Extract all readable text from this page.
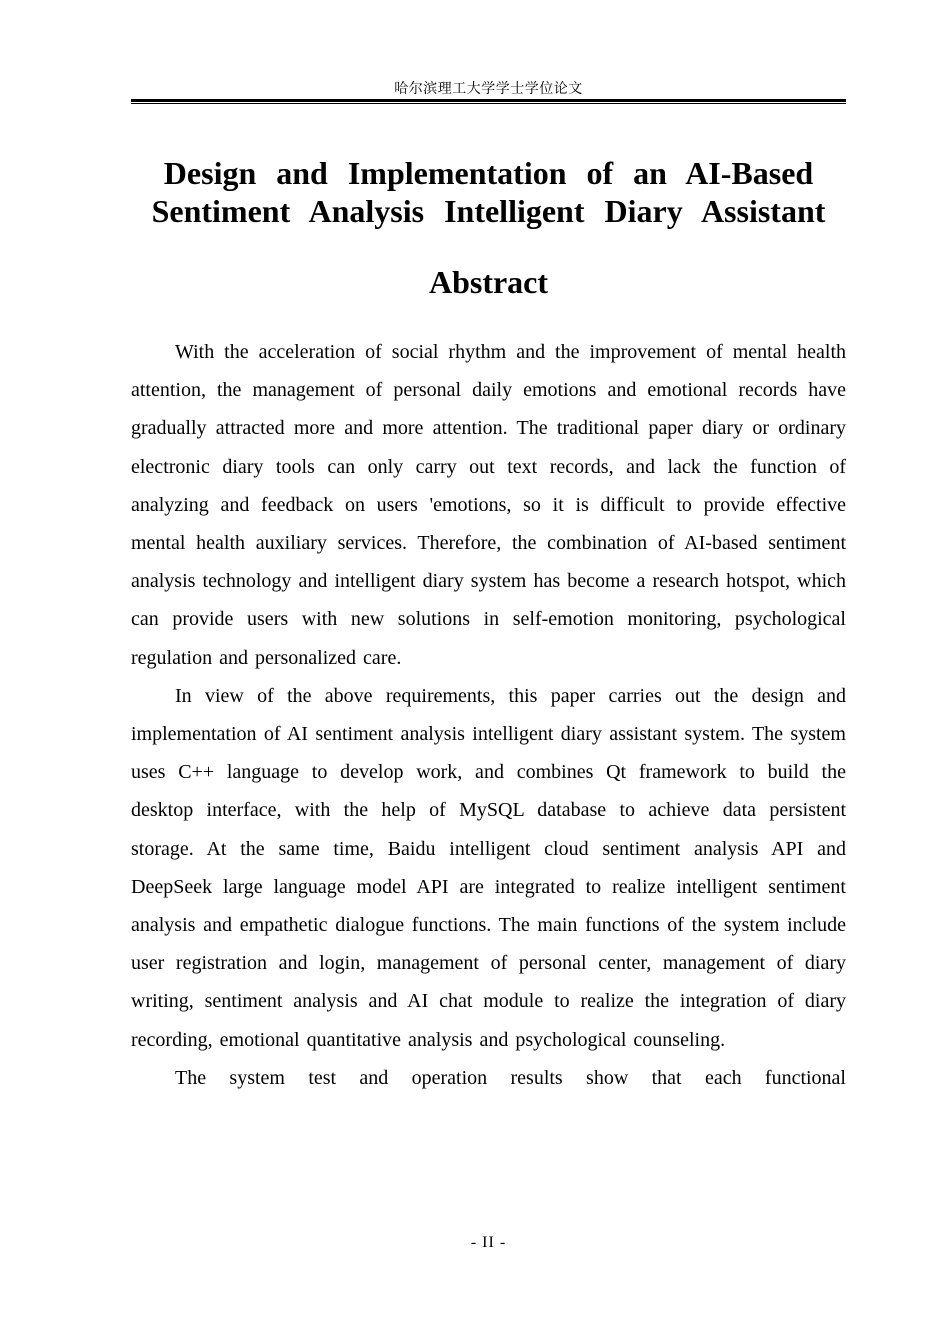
哈尔滨理工大学学士学位论文
Design and Implementation of an AI-Based Sentiment Analysis Intelligent Diary Assistant
Abstract

With the acceleration of social rhythm and the improvement of mental health attention, the management of personal daily emotions and emotional records have gradually attracted more and more attention. The traditional paper diary or ordinary electronic diary tools can only carry out text records, and lack the function of analyzing and feedback on users 'emotions, so it is difficult to provide effective mental health auxiliary services. Therefore, the combination of AI-based sentiment analysis technology and intelligent diary system has become a research hotspot, which can provide users with new solutions in self-emotion monitoring, psychological regulation and personalized care.

In view of the above requirements, this paper carries out the design and implementation of AI sentiment analysis intelligent diary assistant system. The system uses C++ language to develop work, and combines Qt framework to build the desktop interface, with the help of MySQL database to achieve data persistent storage. At the same time, Baidu intelligent cloud sentiment analysis API and DeepSeek large language model API are integrated to realize intelligent sentiment analysis and empathetic dialogue functions. The main functions of the system include user registration and login, management of personal center, management of diary writing, sentiment analysis and AI chat module to realize the integration of diary recording, emotional quantitative analysis and psychological counseling.

The system test and operation results show that each functional

- II -
